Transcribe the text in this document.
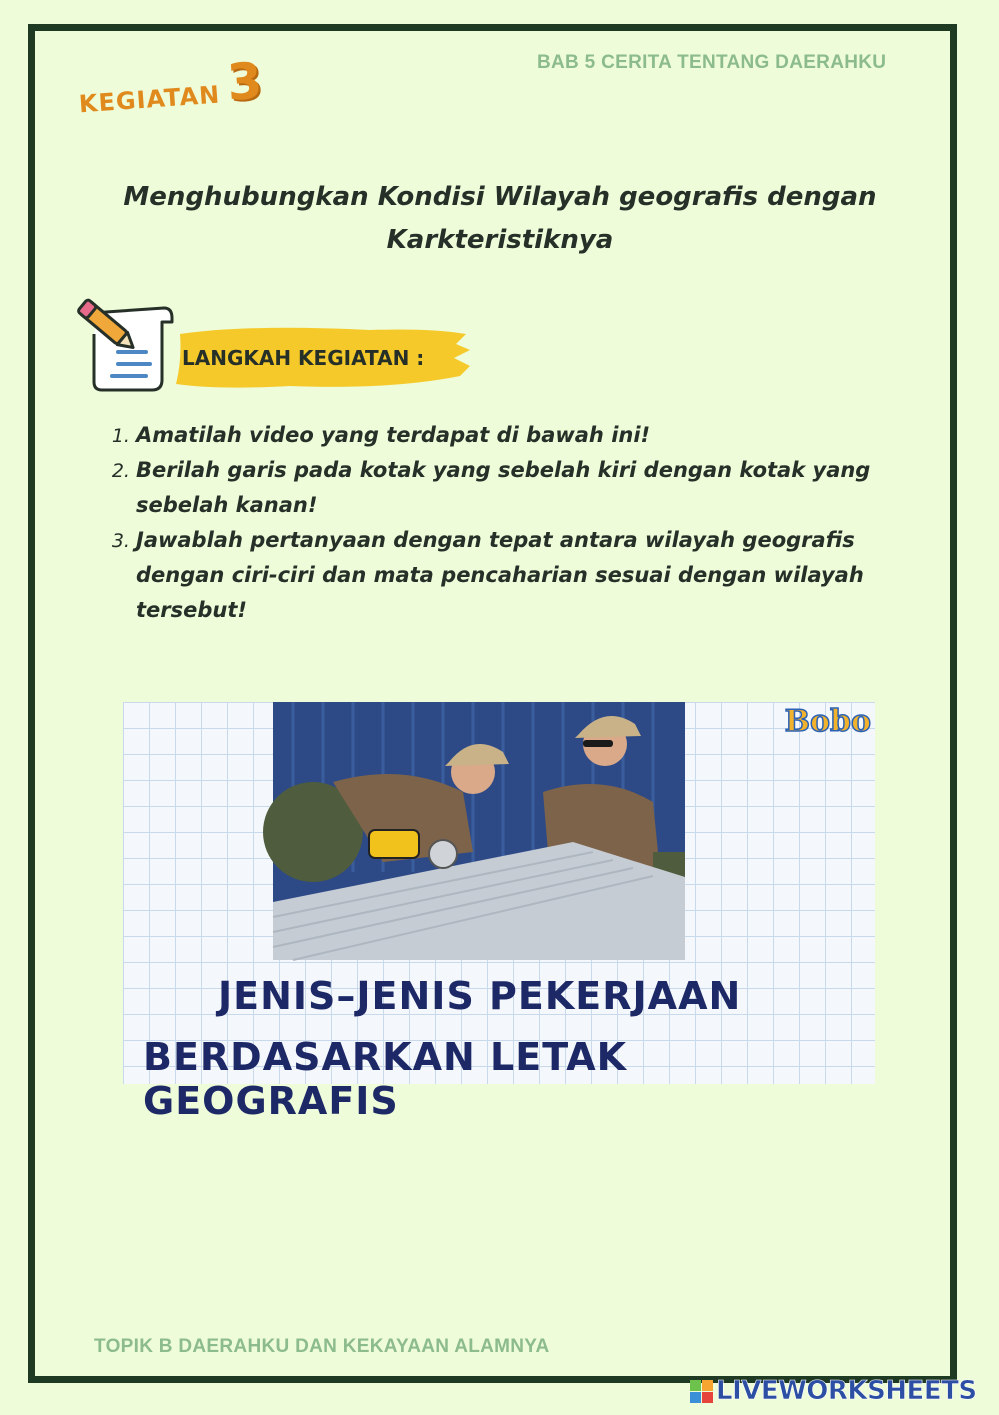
BAB 5 CERITA TENTANG DAERAHKU
KEGIATAN 3
Menghubungkan Kondisi Wilayah geografis dengan
Karkteristiknya
LANGKAH KEGIATAN :
1. Amatilah video yang terdapat di bawah ini!
2. Berilah garis pada kotak yang sebelah kiri dengan kotak yang sebelah kanan!
3. Jawablah pertanyaan dengan tepat antara wilayah geografis dengan ciri-ciri dan mata pencaharian sesuai dengan wilayah tersebut!
Bobo
JENIS–JENIS PEKERJAAN
BERDASARKAN LETAK GEOGRAFIS
TOPIK B DAERAHKU DAN KEKAYAAN ALAMNYA
LIVEWORKSHEETS
